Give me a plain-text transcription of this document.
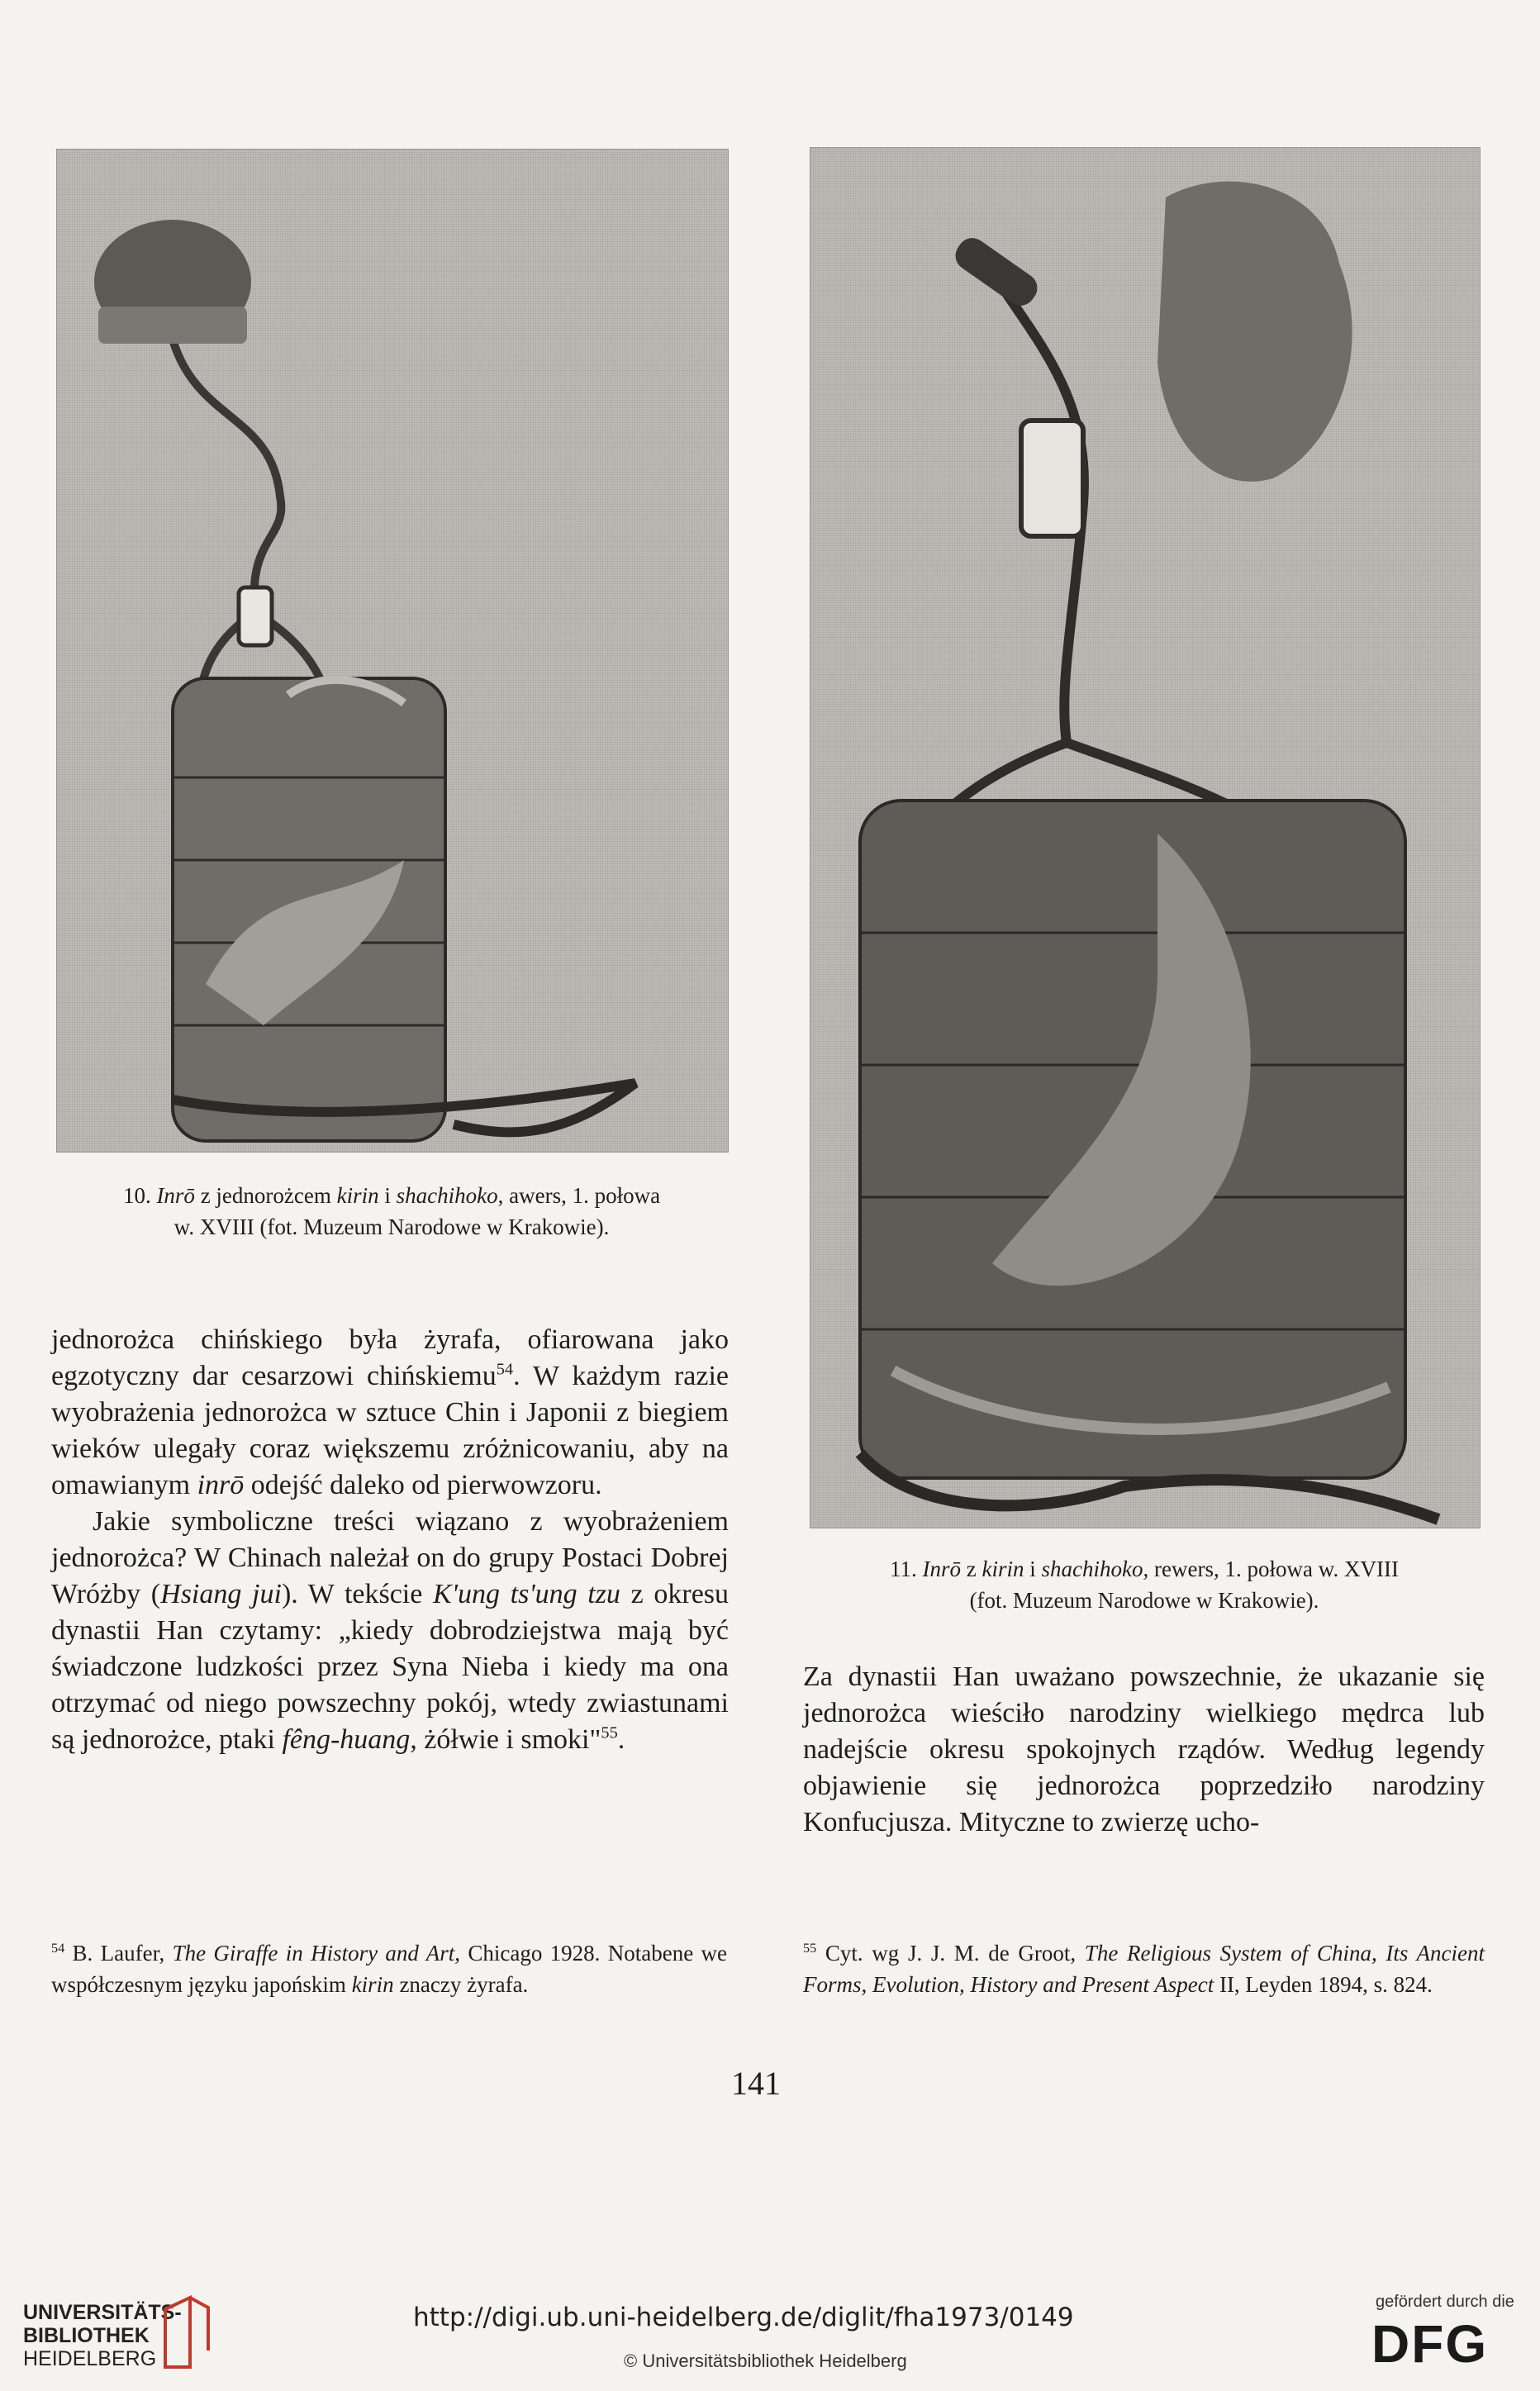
10. Inrō z jednorożcem kirin i shachihoko, awers, 1. połowa
w. XVIII (fot. Muzeum Narodowe w Krakowie).
11. Inrō z kirin i shachihoko, rewers, 1. połowa w. XVIII
(fot. Muzeum Narodowe w Krakowie).

jednorożca chińskiego była żyrafa, ofiarowana jako egzotyczny dar cesarzowi chińskiemu$^{54}$. W każdym razie wyobrażenia jednorożca w sztuce Chin i Japonii z biegiem wieków ulegały coraz większemu zróżnicowaniu, aby na omawianym inrō odejść daleko od pierwowzoru.

Jakie symboliczne treści wiązano z wyobrażeniem jednorożca? W Chinach należał on do grupy Postaci Dobrej Wróżby (Hsiang jui). W tekście K'ung ts'ung tzu z okresu dynastii Han czytamy: „kiedy dobrodziejstwa mają być świadczone ludzkości przez Syna Nieba i kiedy ma ona otrzymać od niego powszechny pokój, wtedy zwiastunami są jednorożce, ptaki fêng-huang, żółwie i smoki"$^{55}$.

Za dynastii Han uważano powszechnie, że ukazanie się jednorożca wieściło narodziny wielkiego mędrca lub nadejście okresu spokojnych rządów. Według legendy objawienie się jednorożca poprzedziło narodziny Konfucjusza. Mityczne to zwierzę ucho-

$^{54}$ B. Laufer, The Giraffe in History and Art, Chicago 1928. Notabene we współczesnym języku japońskim kirin znaczy żyrafa.

$^{55}$ Cyt. wg J. J. M. de Groot, The Religious System of China, Its Ancient Forms, Evolution, History and Present Aspect II, Leyden 1894, s. 824.

141
UNIVERSITÄTS-
BIBLIOTHEK
HEIDELBERG
http://digi.ub.uni-heidelberg.de/diglit/fha1973/0149
© Universitätsbibliothek Heidelberg
gefördert durch die
DFG
